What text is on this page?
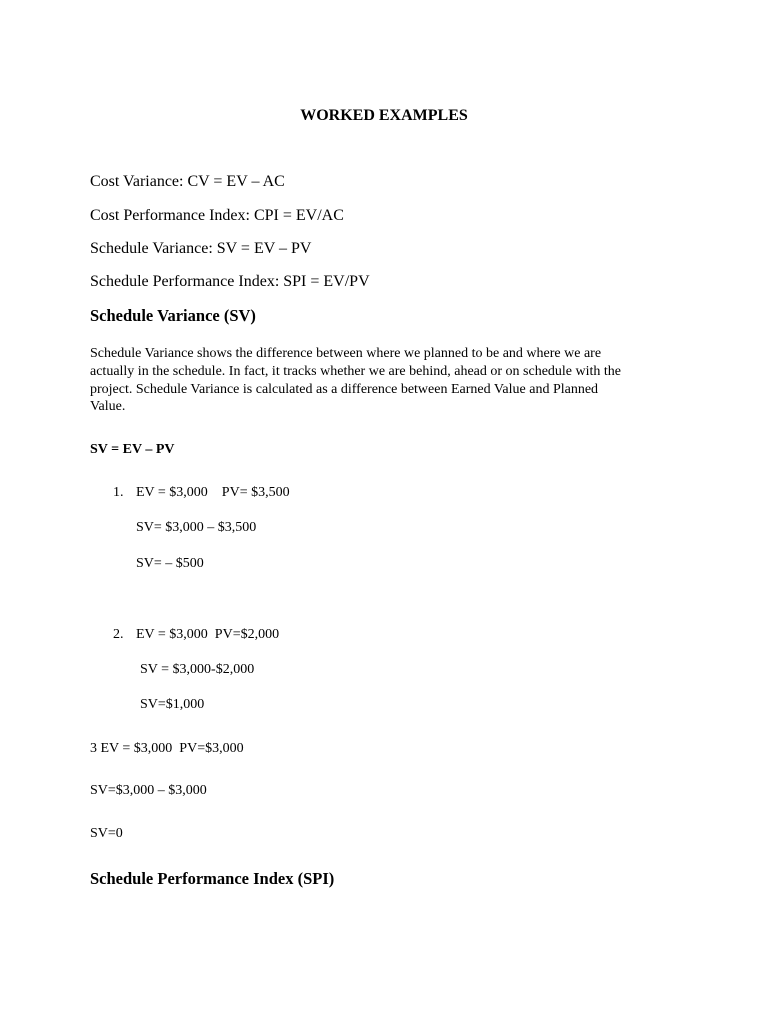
WORKED EXAMPLES
Cost Variance: CV = EV – AC
Cost Performance Index: CPI = EV/AC
Schedule Variance: SV = EV – PV
Schedule Performance Index: SPI = EV/PV
Schedule Variance (SV)
Schedule Variance shows the difference between where we planned to be and where we are
actually in the schedule. In fact, it tracks whether we are behind, ahead or on schedule with the
project. Schedule Variance is calculated as a difference between Earned Value and Planned
Value.
SV = EV – PV
1. EV = $3,000    PV= $3,500
SV= $3,000 – $3,500
SV= – $500
2. EV = $3,000  PV=$2,000
SV = $3,000-$2,000
SV=$1,000
3 EV = $3,000  PV=$3,000
SV=$3,000 – $3,000
SV=0
Schedule Performance Index (SPI)
